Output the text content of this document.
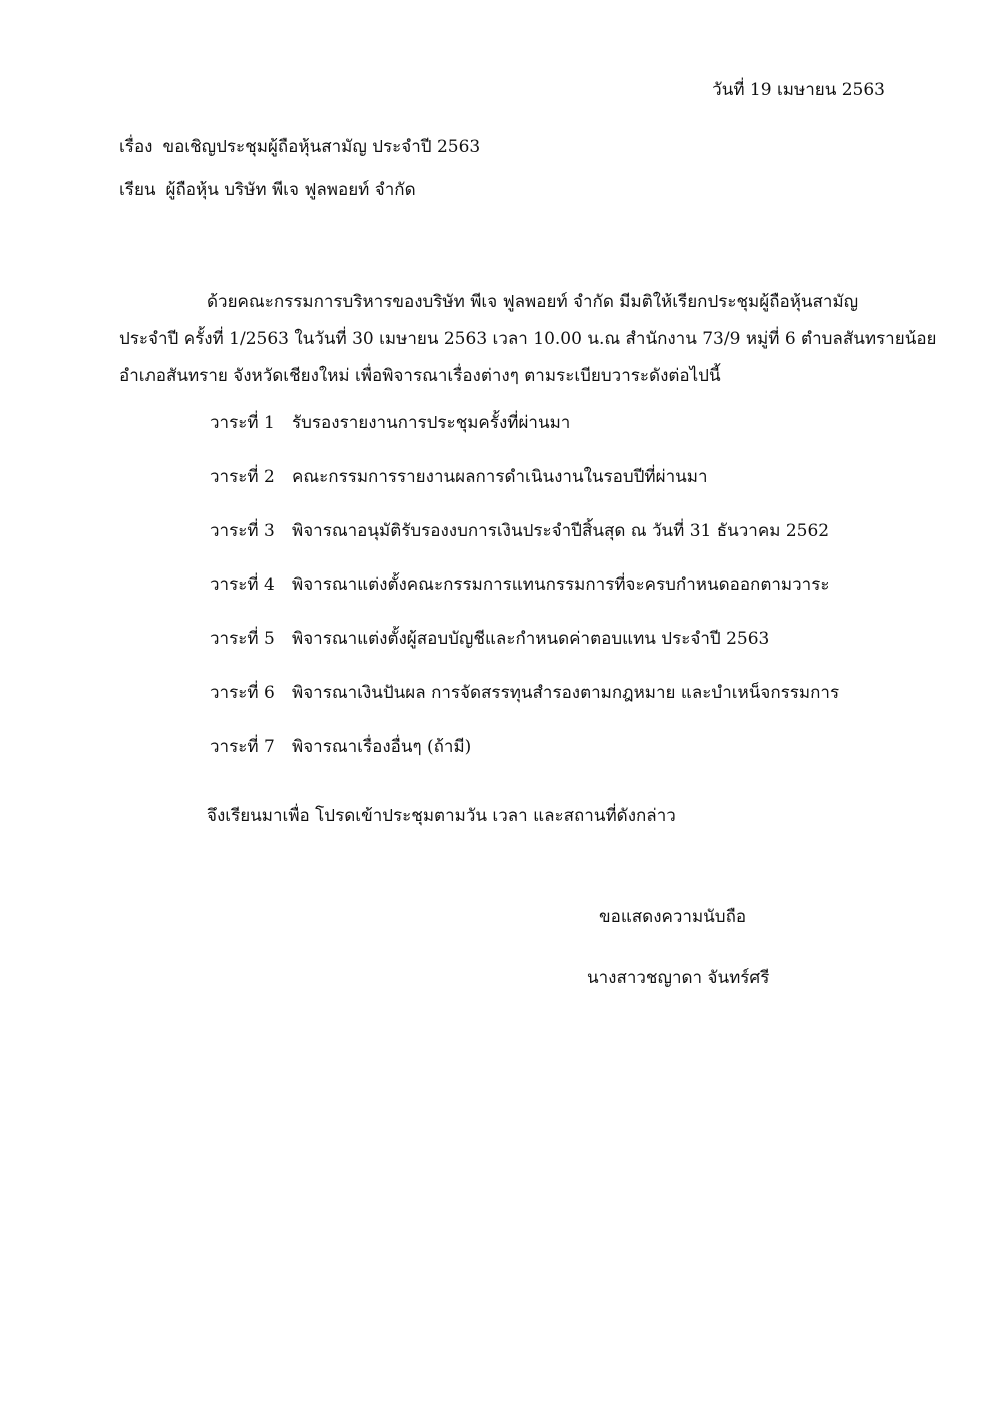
วันที่ 19 เมษายน 2563
เรื่อง ขอเชิญประชุมผู้ถือหุ้นสามัญ ประจำปี 2563
เรียน ผู้ถือหุ้น บริษัท พีเจ ฟูลพอยท์ จำกัด
ด้วยคณะกรรมการบริหารของบริษัท พีเจ ฟูลพอยท์ จำกัด มีมติให้เรียกประชุมผู้ถือหุ้นสามัญ
ประจำปี ครั้งที่ 1/2563 ในวันที่ 30 เมษายน 2563 เวลา 10.00 น.ณ สำนักงาน 73/9 หมู่ที่ 6 ตำบลสันทรายน้อย
อำเภอสันทราย จังหวัดเชียงใหม่ เพื่อพิจารณาเรื่องต่างๆ ตามระเบียบวาระดังต่อไปนี้
วาระที่ 1 รับรองรายงานการประชุมครั้งที่ผ่านมา
วาระที่ 2 คณะกรรมการรายงานผลการดำเนินงานในรอบปีที่ผ่านมา
วาระที่ 3 พิจารณาอนุมัติรับรองงบการเงินประจำปีสิ้นสุด ณ วันที่ 31 ธันวาคม 2562
วาระที่ 4 พิจารณาแต่งตั้งคณะกรรมการแทนกรรมการที่จะครบกำหนดออกตามวาระ
วาระที่ 5 พิจารณาแต่งตั้งผู้สอบบัญชีและกำหนดค่าตอบแทน ประจำปี 2563
วาระที่ 6 พิจารณาเงินปันผล การจัดสรรทุนสำรองตามกฎหมาย และบำเหน็จกรรมการ
วาระที่ 7 พิจารณาเรื่องอื่นๆ (ถ้ามี)
จึงเรียนมาเพื่อ โปรดเข้าประชุมตามวัน เวลา และสถานที่ดังกล่าว
ขอแสดงความนับถือ
นางสาวชญาดา จันทร์ศรี
